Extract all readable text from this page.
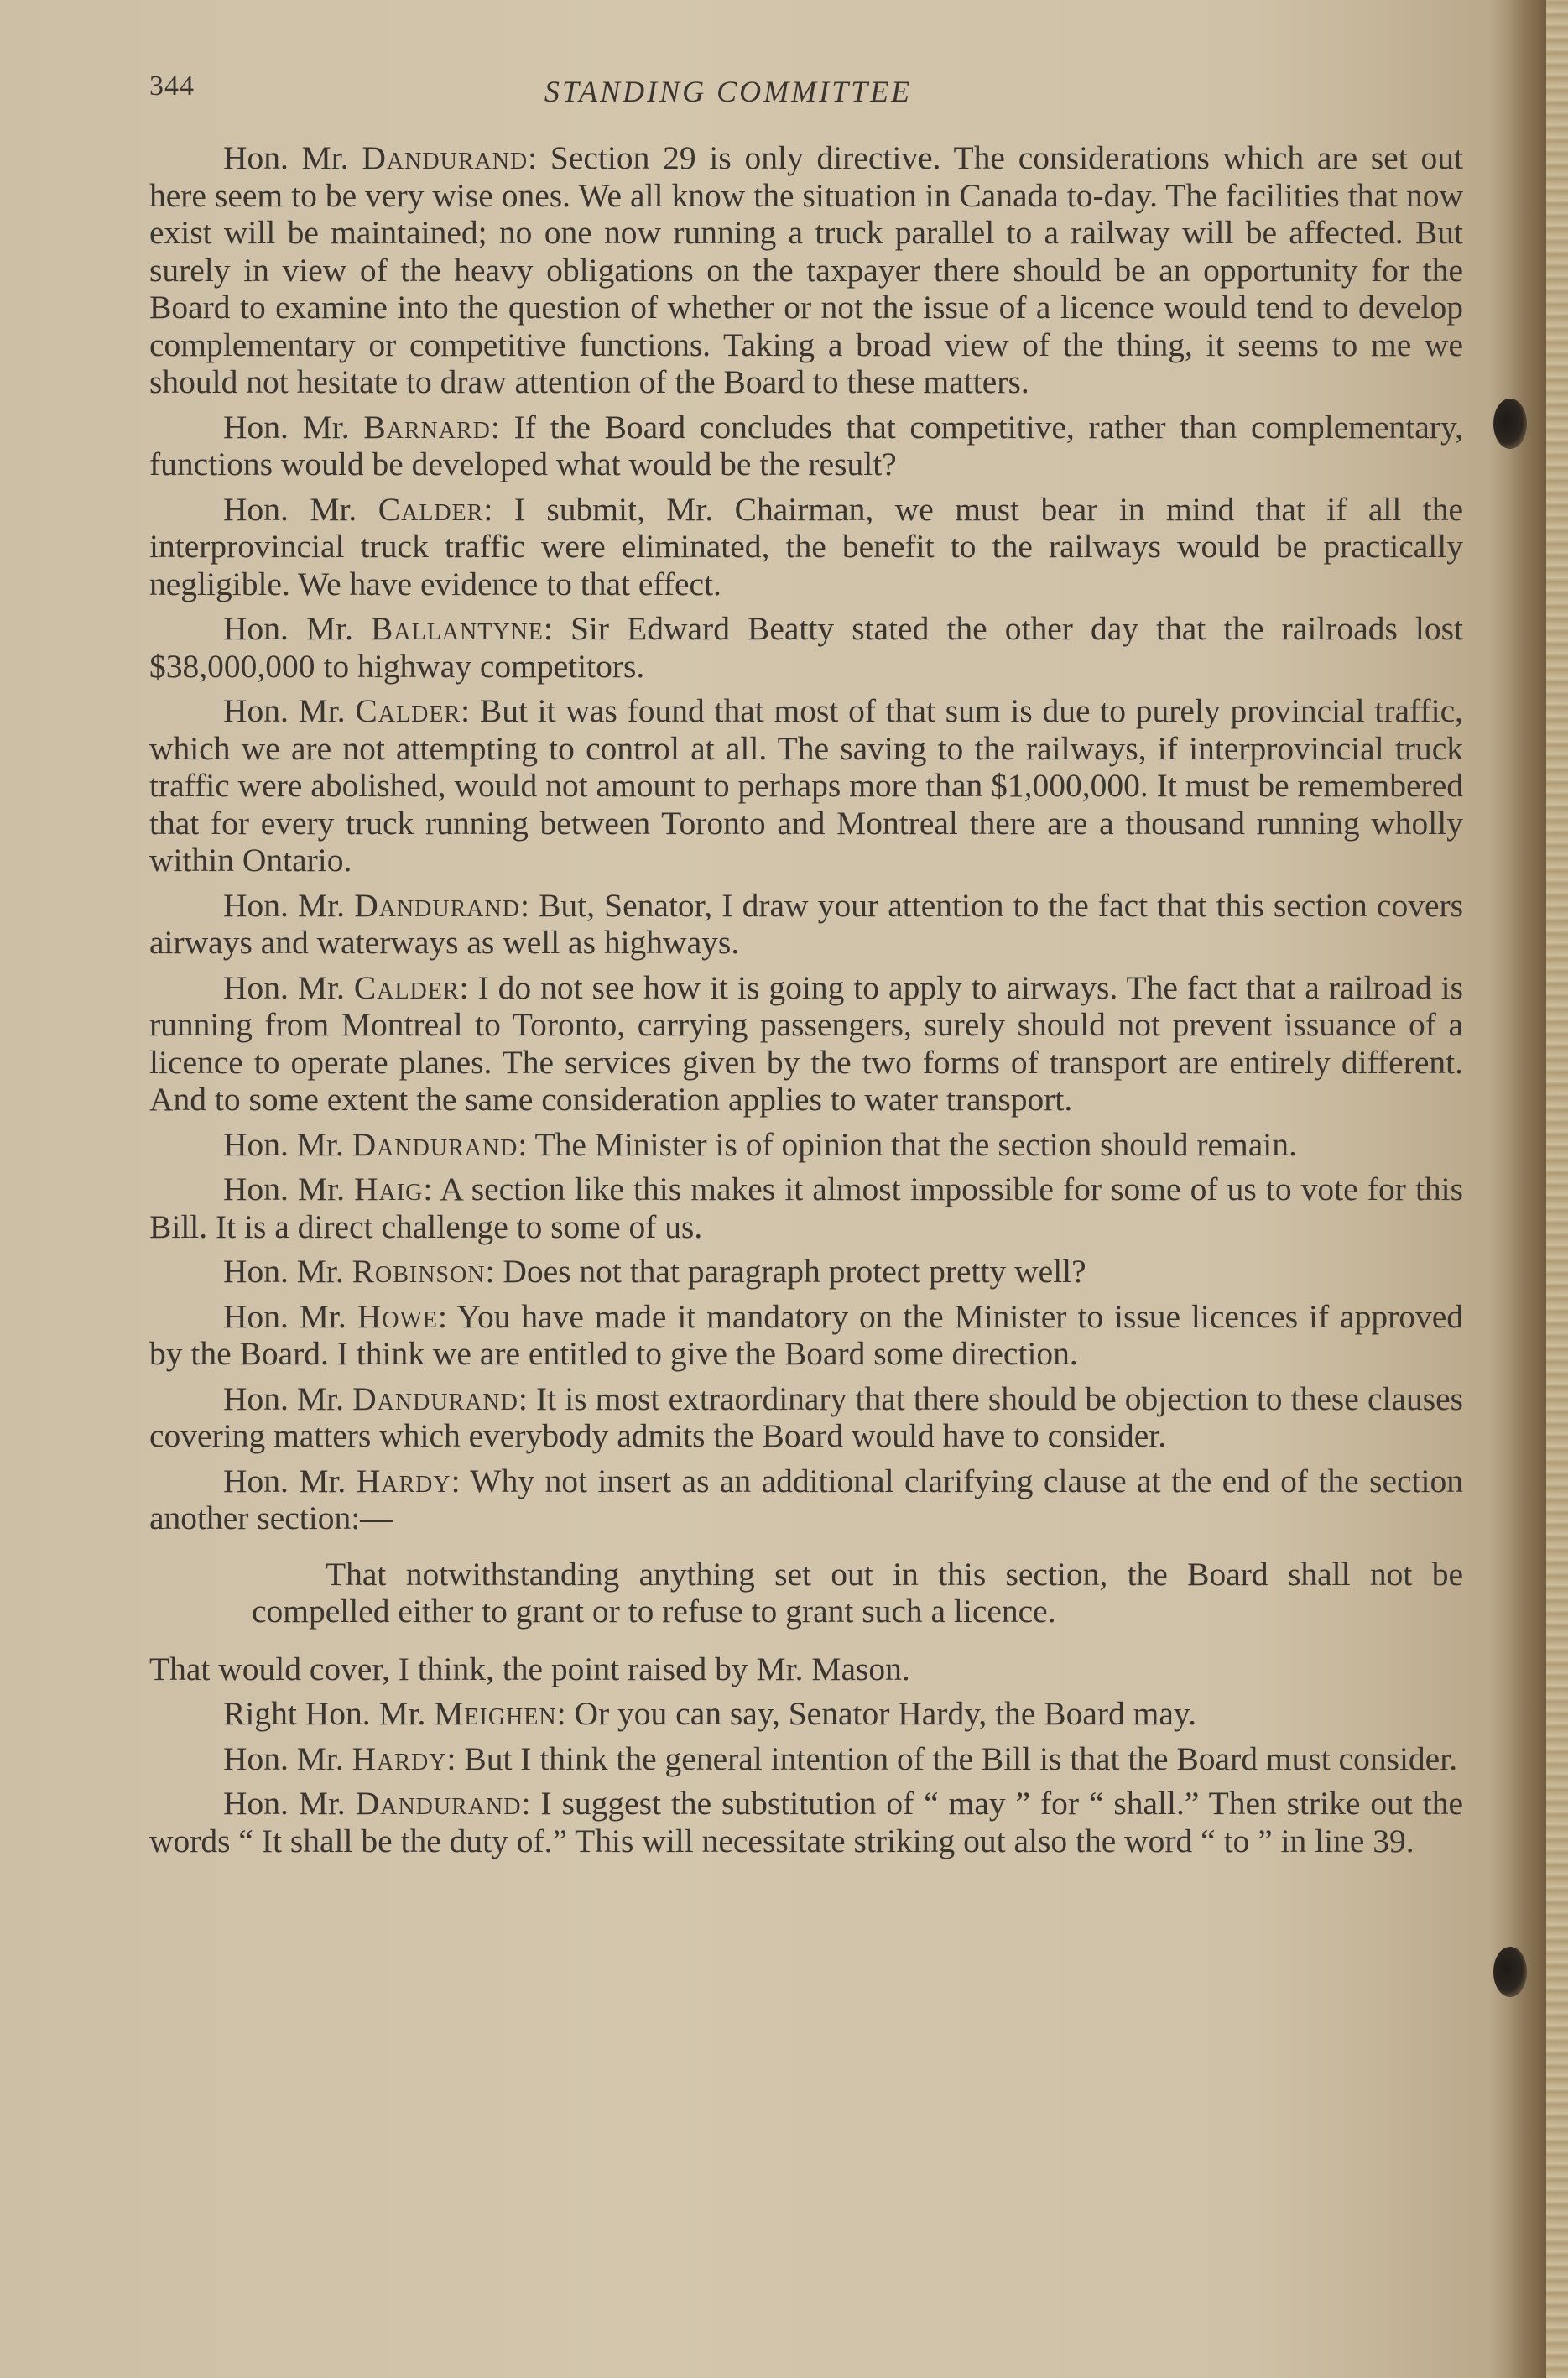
344	STANDING COMMITTEE

Hon. Mr. Dandurand: Section 29 is only directive. The considerations which are set out here seem to be very wise ones. We all know the situation in Canada to-day. The facilities that now exist will be maintained; no one now running a truck parallel to a railway will be affected. But surely in view of the heavy obligations on the taxpayer there should be an opportunity for the Board to examine into the question of whether or not the issue of a licence would tend to develop complementary or competitive functions. Taking a broad view of the thing, it seems to me we should not hesitate to draw attention of the Board to these matters.

Hon. Mr. Barnard: If the Board concludes that competitive, rather than complementary, functions would be developed what would be the result?

Hon. Mr. Calder: I submit, Mr. Chairman, we must bear in mind that if all the interprovincial truck traffic were eliminated, the benefit to the railways would be practically negligible. We have evidence to that effect.

Hon. Mr. Ballantyne: Sir Edward Beatty stated the other day that the railroads lost $38,000,000 to highway competitors.

Hon. Mr. Calder: But it was found that most of that sum is due to purely provincial traffic, which we are not attempting to control at all. The saving to the railways, if interprovincial truck traffic were abolished, would not amount to perhaps more than $1,000,000. It must be remembered that for every truck running between Toronto and Montreal there are a thousand running wholly within Ontario.

Hon. Mr. Dandurand: But, Senator, I draw your attention to the fact that this section covers airways and waterways as well as highways.

Hon. Mr. Calder: I do not see how it is going to apply to airways. The fact that a railroad is running from Montreal to Toronto, carrying passengers, surely should not prevent issuance of a licence to operate planes. The services given by the two forms of transport are entirely different. And to some extent the same consideration applies to water transport.

Hon. Mr. Dandurand: The Minister is of opinion that the section should remain.

Hon. Mr. Haig: A section like this makes it almost impossible for some of us to vote for this Bill. It is a direct challenge to some of us.

Hon. Mr. Robinson: Does not that paragraph protect pretty well?

Hon. Mr. Howe: You have made it mandatory on the Minister to issue licences if approved by the Board. I think we are entitled to give the Board some direction.

Hon. Mr. Dandurand: It is most extraordinary that there should be objection to these clauses covering matters which everybody admits the Board would have to consider.

Hon. Mr. Hardy: Why not insert as an additional clarifying clause at the end of the section another section:—

That notwithstanding anything set out in this section, the Board shall not be compelled either to grant or to refuse to grant such a licence.

That would cover, I think, the point raised by Mr. Mason.

Right Hon. Mr. Meighen: Or you can say, Senator Hardy, the Board may.

Hon. Mr. Hardy: But I think the general intention of the Bill is that the Board must consider.

Hon. Mr. Dandurand: I suggest the substitution of “ may ” for “ shall.” Then strike out the words “ It shall be the duty of.” This will necessitate striking out also the word “ to ” in line 39.
